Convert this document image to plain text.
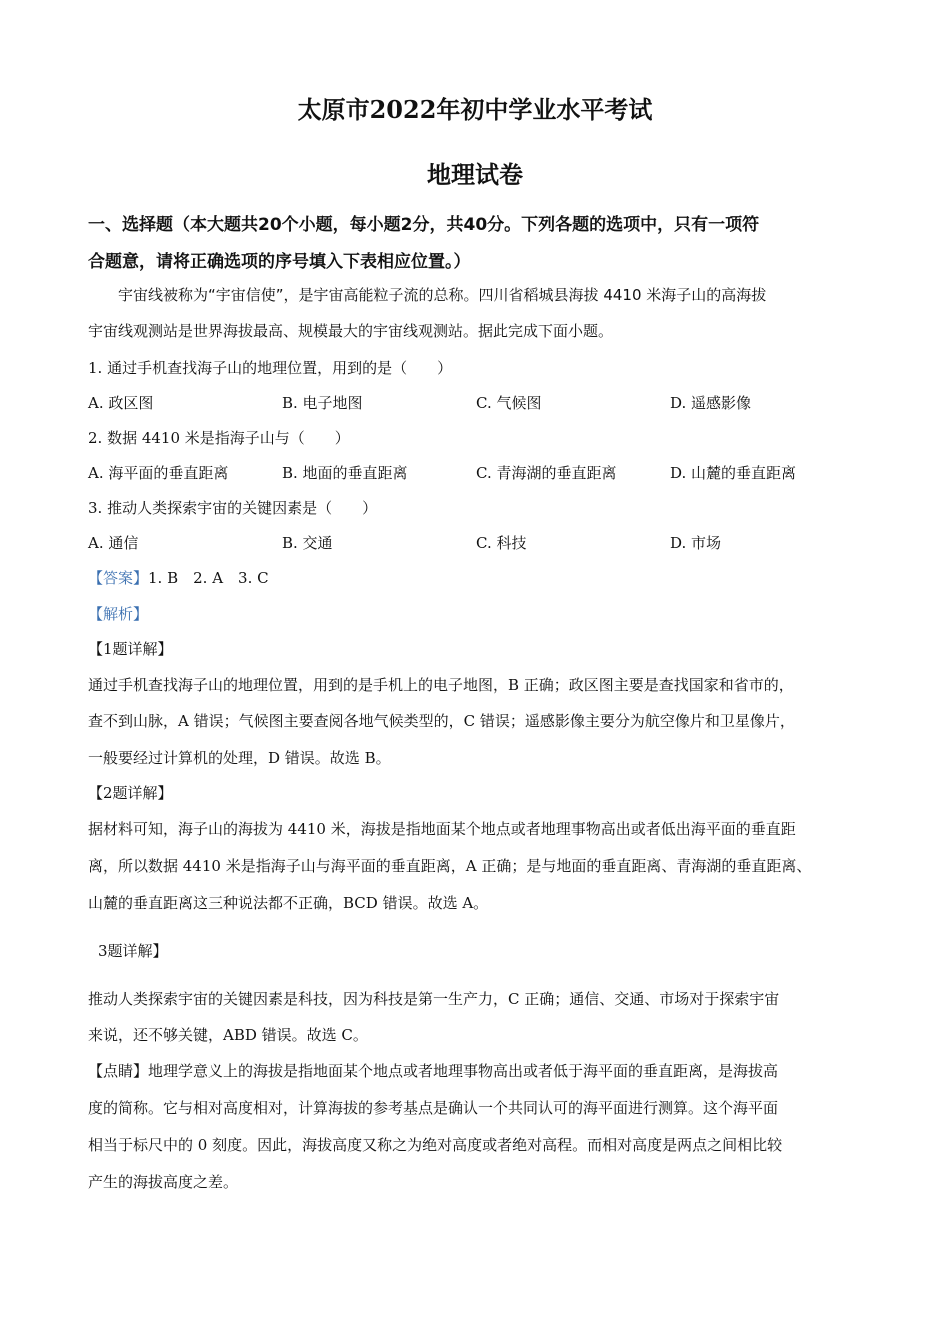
太原市2022年初中学业水平考试
地理试卷
一、选择题（本大题共20个小题，每小题2分，共40分。下列各题的选项中，只有一项符
合题意，请将正确选项的序号填入下表相应位置。）
宇宙线被称为“宇宙信使”，是宇宙高能粒子流的总称。四川省稻城县海拔 4410 米海子山的高海拔
宇宙线观测站是世界海拔最高、规模最大的宇宙线观测站。据此完成下面小题。
1. 通过手机查找海子山的地理位置，用到的是（　　）
A. 政区图	B. 电子地图	C. 气候图	D. 遥感影像
2. 数据 4410 米是指海子山与（　　）
A. 海平面的垂直距离	B. 地面的垂直距离	C. 青海湖的垂直距离	D. 山麓的垂直距离
3. 推动人类探索宇宙的关键因素是（　　）
A. 通信	B. 交通	C. 科技	D. 市场
【答案】1. B　2. A　3. C
【解析】
【1题详解】
通过手机查找海子山的地理位置，用到的是手机上的电子地图，B 正确；政区图主要是查找国家和省市的，
查不到山脉，A 错误；气候图主要查阅各地气候类型的，C 错误；遥感影像主要分为航空像片和卫星像片，
一般要经过计算机的处理，D 错误。故选 B。
【2题详解】
据材料可知，海子山的海拔为 4410 米，海拔是指地面某个地点或者地理事物高出或者低出海平面的垂直距
离，所以数据 4410 米是指海子山与海平面的垂直距离，A 正确；是与地面的垂直距离、青海湖的垂直距离、
山麓的垂直距离这三种说法都不正确，BCD 错误。故选 A。
3题详解】
推动人类探索宇宙的关键因素是科技，因为科技是第一生产力，C 正确；通信、交通、市场对于探索宇宙
来说，还不够关键，ABD 错误。故选 C。
【点睛】地理学意义上的海拔是指地面某个地点或者地理事物高出或者低于海平面的垂直距离，是海拔高
度的简称。它与相对高度相对，计算海拔的参考基点是确认一个共同认可的海平面进行测算。这个海平面
相当于标尺中的 0 刻度。因此，海拔高度又称之为绝对高度或者绝对高程。而相对高度是两点之间相比较
产生的海拔高度之差。
